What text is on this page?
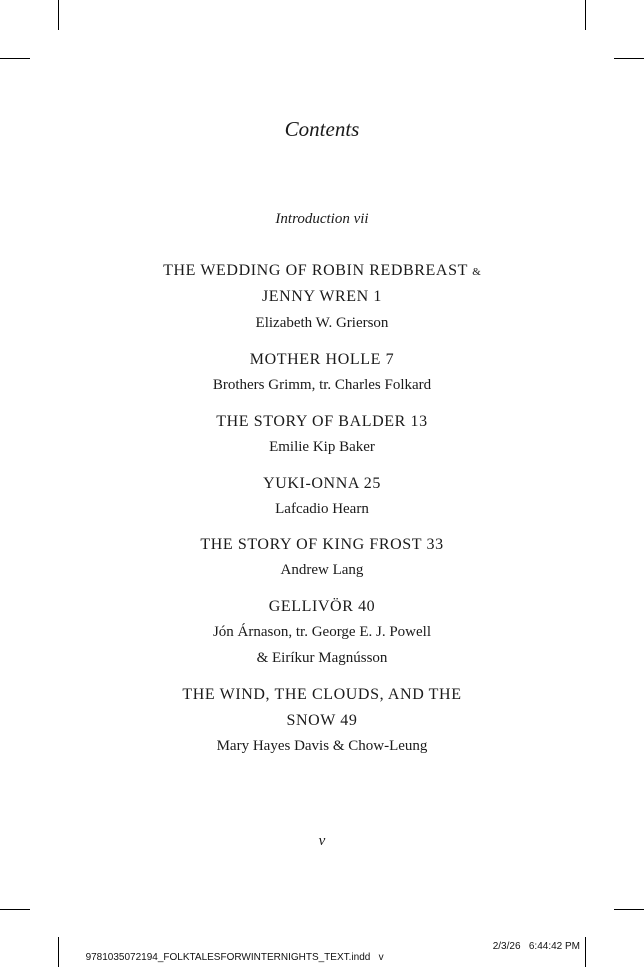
Contents
Introduction vii
THE WEDDING OF ROBIN REDBREAST &
JENNY WREN 1
Elizabeth W. Grierson
MOTHER HOLLE 7
Brothers Grimm, tr. Charles Folkard
THE STORY OF BALDER 13
Emilie Kip Baker
YUKI-ONNA 25
Lafcadio Hearn
THE STORY OF KING FROST 33
Andrew Lang
GELLIVÖR 40
Jón Árnason, tr. George E. J. Powell
& Eiríkur Magnússon
THE WIND, THE CLOUDS, AND THE
SNOW 49
Mary Hayes Davis & Chow-Leung
v

9781035072194_FOLKTALESFORWINTERNIGHTS_TEXT.indd   v

2/3/26   6:44:42 PM
